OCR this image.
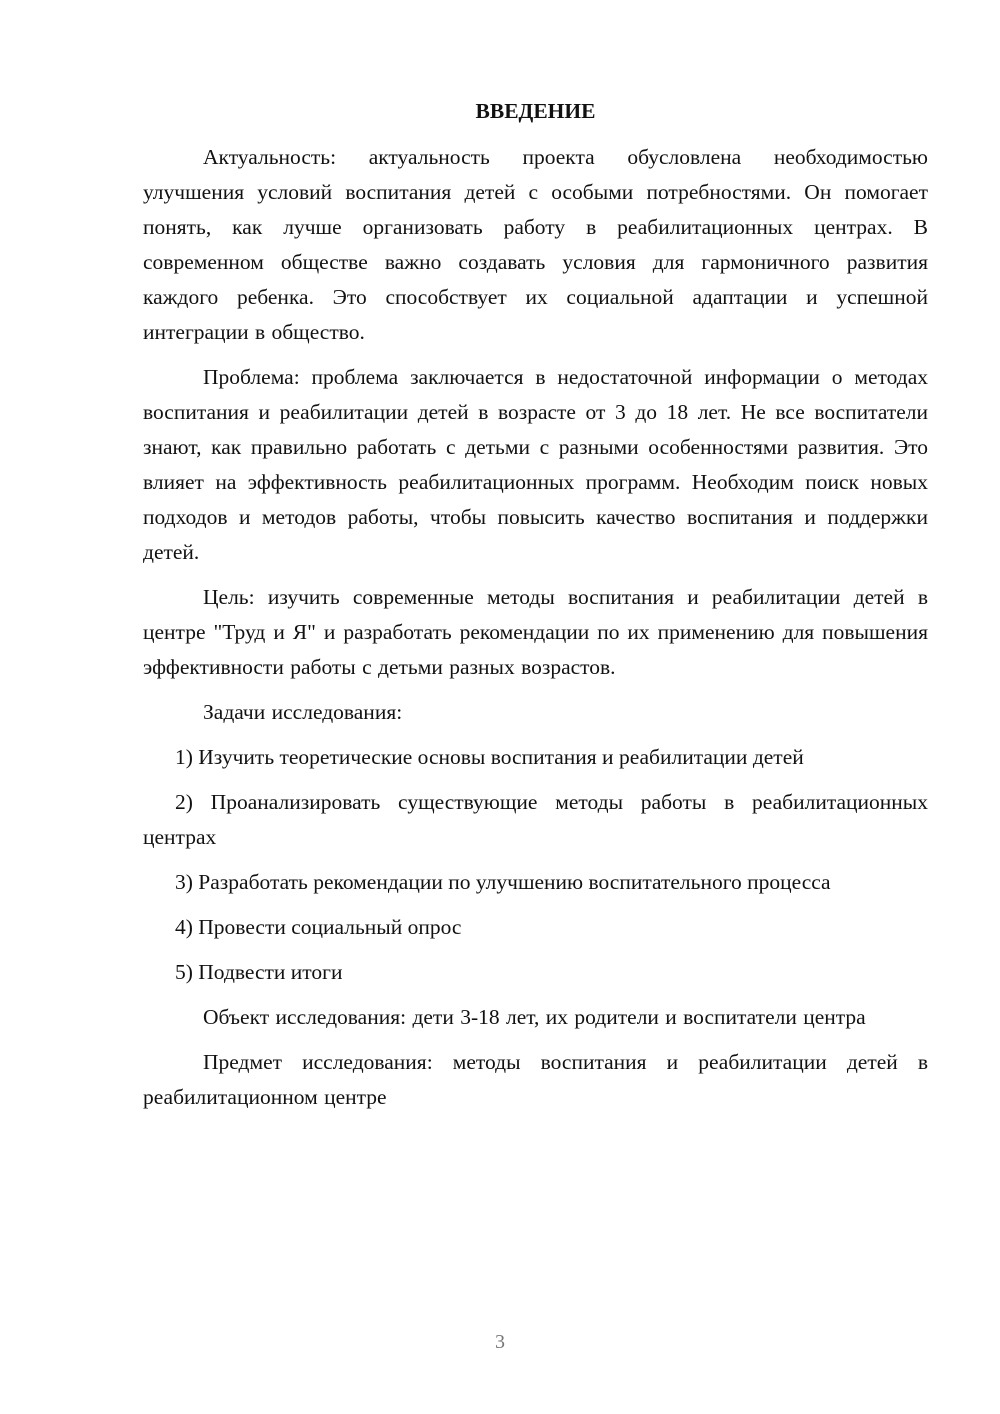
ВВЕДЕНИЕ

Актуальность: актуальность проекта обусловлена необходимостью улучшения условий воспитания детей с особыми потребностями. Он помогает понять, как лучше организовать работу в реабилитационных центрах. В современном обществе важно создавать условия для гармоничного развития каждого ребенка. Это способствует их социальной адаптации и успешной интеграции в общество.

Проблема: проблема заключается в недостаточной информации о методах воспитания и реабилитации детей в возрасте от 3 до 18 лет. Не все воспитатели знают, как правильно работать с детьми с разными особенностями развития. Это влияет на эффективность реабилитационных программ. Необходим поиск новых подходов и методов работы, чтобы повысить качество воспитания и поддержки детей.

Цель: изучить современные методы воспитания и реабилитации детей в центре "Труд и Я" и разработать рекомендации по их применению для повышения эффективности работы с детьми разных возрастов.

Задачи исследования:

1) Изучить теоретические основы воспитания и реабилитации детей

2) Проанализировать существующие методы работы в реабилитационных центрах

3) Разработать рекомендации по улучшению воспитательного процесса

4) Провести социальный опрос

5) Подвести итоги

Объект исследования: дети 3-18 лет, их родители и воспитатели центра

Предмет исследования: методы воспитания и реабилитации детей в реабилитационном центре

3
